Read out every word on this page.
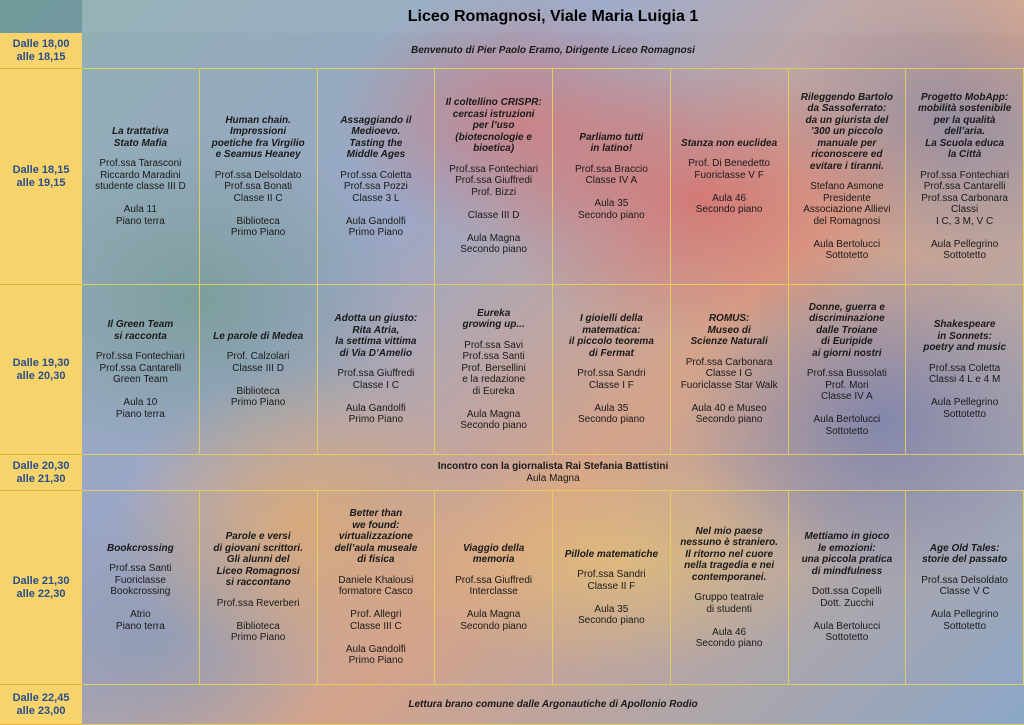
Liceo Romagnosi, Viale Maria Luigia 1
Dalle 18,00
alle 18,15
Benvenuto di Pier Paolo Eramo, Dirigente Liceo Romagnosi
Dalle 18,15
alle 19,15
La trattativa
Stato Mafia
Prof.ssa Tarasconi
Riccardo Maradini
studente classe III D

Aula 11
Piano terra
Human chain.
Impressioni
poetiche fra Virgilio
e Seamus Heaney
Prof.ssa Delsoldato
Prof.ssa Bonati
Classe II C

Biblioteca
Primo Piano
Assaggiando il
Medioevo.
Tasting the
Middle Ages
Prof.ssa Coletta
Prof.ssa Pozzi
Classe 3 L

Aula Gandolfi
Primo Piano
Il coltellino CRISPR:
cercasi istruzioni
per l’uso
(biotecnologie e
bioetica)
Prof.ssa Fontechiari
Prof.ssa Giuffredi
Prof. Bizzi

Classe III D

Aula Magna
Secondo piano
Parliamo tutti
in latino!
Prof.ssa Braccio
Classe IV A

Aula 35
Secondo piano
Stanza non euclidea
Prof. Di Benedetto
Fuoriclasse V F

Aula 46
Secondo piano
Rileggendo Bartolo
da Sassoferrato:
da un giurista del
’300 un piccolo
manuale per
riconoscere ed
evitare i tiranni.
Stefano Asmone
Presidente
Associazione Allievi
del Romagnosi

Aula Bertolucci
Sottotetto
Progetto MobApp:
mobilità sostenibile
per la qualità
dell’aria.
La Scuola educa
la Città
Prof.ssa Fontechiari
Prof.ssa Cantarelli
Prof.ssa Carbonara
Classi
I C, 3 M, V C

Aula Pellegrino
Sottotetto
Dalle 19,30
alle 20,30
Il Green Team
si racconta
Prof.ssa Fontechiari
Prof.ssa Cantarelli
Green Team

Aula 10
Piano terra
Le parole di Medea
Prof. Calzolari
Classe III D

Biblioteca
Primo Piano
Adotta un giusto:
Rita Atria,
la settima vittima
di Via D’Amelio
Prof.ssa Giuffredi
Classe I C

Aula Gandolfi
Primo Piano
Eureka
growing up...
Prof.ssa Savi
Prof.ssa Santi
Prof. Bersellini
e la redazione
di Eureka

Aula Magna
Secondo piano
I gioielli della
matematica:
il piccolo teorema
di Fermat
Prof.ssa Sandri
Classe I F

Aula 35
Secondo piano
ROMUS:
Museo di
Scienze Naturali
Prof.ssa Carbonara
Classe I G
Fuoriclasse Star Walk

Aula 40 e Museo
Secondo piano
Donne, guerra e
discriminazione
dalle Troiane
di Euripide
ai giorni nostri
Prof.ssa Bussolati
Prof. Mori
Classe IV A

Aula Bertolucci
Sottotetto
Shakespeare
in Sonnets:
poetry and music
Prof.ssa Coletta
Classi 4 L e 4 M

Aula Pellegrino
Sottotetto
Dalle 20,30
alle 21,30
Incontro con la giornalista Rai Stefania Battistini
Aula Magna
Dalle 21,30
alle 22,30
Bookcrossing
Prof.ssa Santi
Fuoriclasse
Bookcrossing

Atrio
Piano terra
Parole e versi
di giovani scrittori.
Gli alunni del
Liceo Romagnosi
si raccontano
Prof.ssa Reverberi

Biblioteca
Primo Piano
Better than
we found:
virtualizzazione
dell’aula museale
di fisica
Daniele Khalousi
formatore Casco

Prof. Allegri
Classe III C

Aula Gandolfi
Primo Piano
Viaggio della
memoria
Prof.ssa Giuffredi
Interclasse

Aula Magna
Secondo piano
Pillole matematiche
Prof.ssa Sandri
Classe II F

Aula 35
Secondo piano
Nel mio paese
nessuno è straniero.
Il ritorno nel cuore
nella tragedia e nei
contemporanei.
Gruppo teatrale
di studenti

Aula 46
Secondo piano
Mettiamo in gioco
le emozioni:
una piccola pratica
di mindfulness
Dott.ssa Copelli
Dott. Zucchi

Aula Bertolucci
Sottotetto
Age Old Tales:
storie del passato
Prof.ssa Delsoldato
Classe V C

Aula Pellegrino
Sottotetto
Dalle 22,45
alle 23,00
Lettura brano comune dalle Argonautiche di Apollonio Rodio
